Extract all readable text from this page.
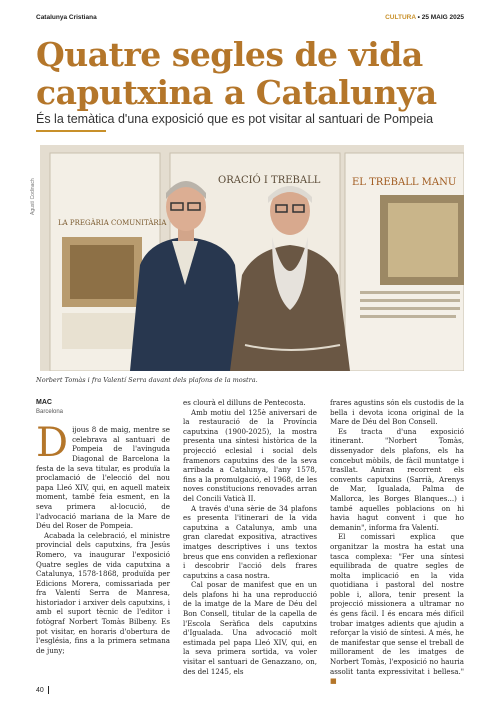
Catalunya Cristiana	CULTURA • 25 MAIG 2025
Quatre segles de vida caputxina a Catalunya
És la temàtica d'una exposició que es pot visitar al santuari de Pompeia
Agustí Codinach
LA PREGÀRIA COMUNITÀRIA
ORACIÓ I TREBALL	EL TREBALL MANU
Norbert Tomàs i fra Valentí Serra davant dels plafons de la mostra.
MAC
Barcelona
D ijous 8 de maig, mentre se celebrava al santuari de Pompeia de l'avinguda Diagonal de Barcelona la festa de la seva titular, es produïa la proclamació de l'elecció del nou papa Lleó XIV, qui, en aquell mateix moment, també feia esment, en la seva primera al·locució, de l'advocació mariana de la Mare de Déu del Roser de Pompeia.

Acabada la celebració, el ministre provincial dels caputxins, fra Jesús Romero, va inaugurar l'exposició Quatre segles de vida caputxina a Catalunya, 1578-1868, produïda per Edicions Morera, comissariada per fra Valentí Serra de Manresa, historiador i arxiver dels caputxins, i amb el suport tècnic de l'editor i fotògraf Norbert Tomàs Bilbeny. Es pot visitar, en horaris d'obertura de l'església, fins a la primera setmana de juny;

es clourà el dilluns de Pentecosta.

Amb motiu del 125è aniversari de la restauració de la Província caputxina (1900-2025), la mostra presenta una síntesi històrica de la projecció eclesial i social dels framenors caputxins des de la seva arribada a Catalunya, l'any 1578, fins a la promulgació, el 1968, de les noves constitucions renovades arran del Concili Vaticà II.

A través d'una sèrie de 34 plafons es presenta l'itinerari de la vida caputxina a Catalunya, amb una gran claredat expositiva, atractives imatges descriptives i uns textos breus que ens conviden a reflexionar i descobrir l'acció dels frares caputxins a casa nostra.

Cal posar de manifest que en un dels plafons hi ha una reproducció de la imatge de la Mare de Déu del Bon Consell, titular de la capella de l'Escola Seràfica dels caputxins d'Igualada. Una advocació molt estimada pel papa Lleó XIV, qui, en la seva primera sortida, va voler visitar el santuari de Genazzano, on, des del 1245, els

frares agustins són els custodis de la bella i devota icona original de la Mare de Déu del Bon Consell.

Es tracta d'una exposició itinerant. "Norbert Tomàs, dissenyador dels plafons, els ha concebut mòbils, de fàcil muntatge i trasllat. Aniran recorrent els convents caputxins (Sarrià, Arenys de Mar, Igualada, Palma de Mallorca, les Borges Blanques...) i també aquelles poblacions on hi havia hagut convent i que ho demanin", informa fra Valentí.

El comissari explica que organitzar la mostra ha estat una tasca complexa: "Fer una síntesi equilibrada de quatre segles de molta implicació en la vida quotidiana i pastoral del nostre poble i, allora, tenir present la projecció missionera a ultramar no és gens fàcil. I és encara més difícil trobar imatges adients que ajudin a reforçar la visió de síntesi. A més, he de manifestar que sense el treball de millorament de les imatges de Norbert Tomàs, l'exposició no hauria assolit tanta expressivitat i bellesa." ■

40
